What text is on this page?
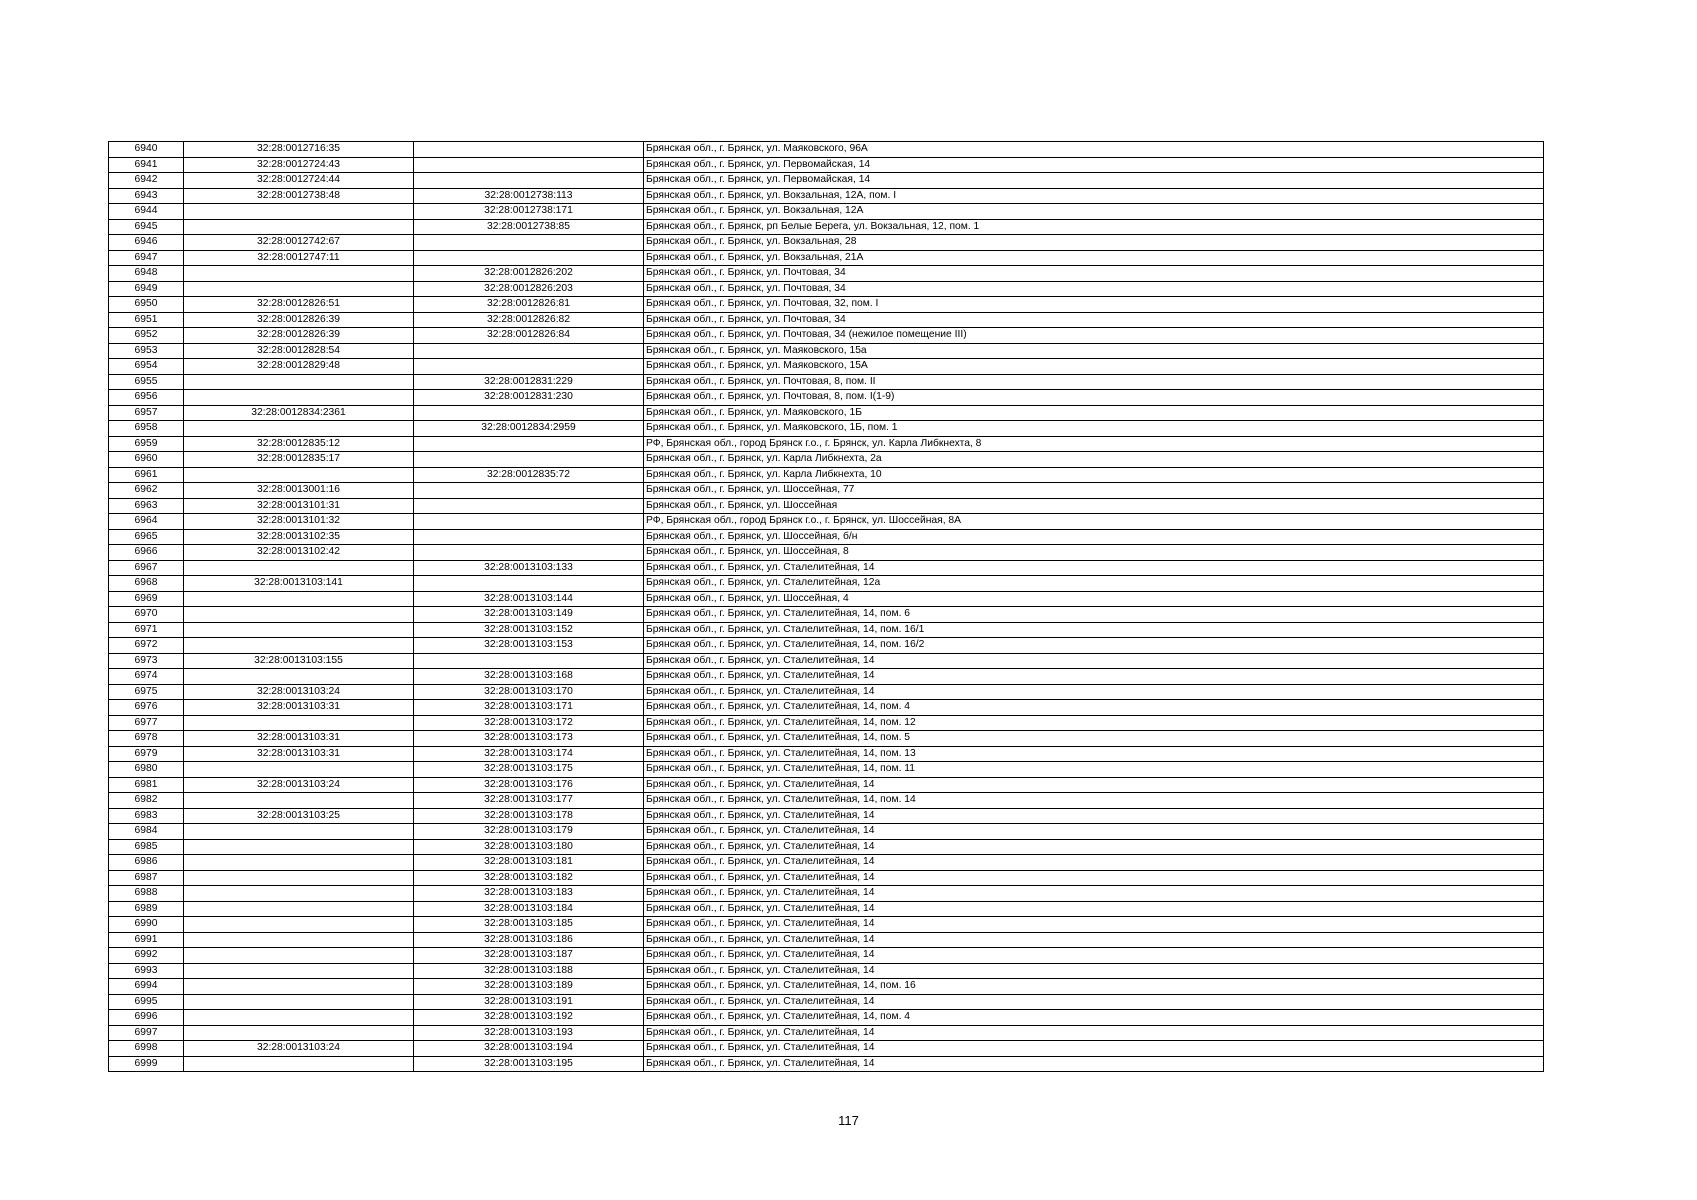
6940	32:28:0012716:35		Брянская обл., г. Брянск, ул. Маяковского, 96А
6941	32:28:0012724:43		Брянская обл., г. Брянск, ул. Первомайская, 14
6942	32:28:0012724:44		Брянская обл., г. Брянск, ул. Первомайская, 14
6943	32:28:0012738:48	32:28:0012738:113	Брянская обл., г. Брянск, ул. Вокзальная, 12А, пом. I
6944		32:28:0012738:171	Брянская обл., г. Брянск, ул. Вокзальная, 12А
6945		32:28:0012738:85	Брянская обл., г. Брянск, рп Белые Берега, ул. Вокзальная, 12, пом. 1
6946	32:28:0012742:67		Брянская обл., г. Брянск, ул. Вокзальная, 28
6947	32:28:0012747:11		Брянская обл., г. Брянск, ул. Вокзальная, 21А
6948		32:28:0012826:202	Брянская обл., г. Брянск, ул. Почтовая, 34
6949		32:28:0012826:203	Брянская обл., г. Брянск, ул. Почтовая, 34
6950	32:28:0012826:51	32:28:0012826:81	Брянская обл., г. Брянск, ул. Почтовая, 32, пом. I
6951	32:28:0012826:39	32:28:0012826:82	Брянская обл., г. Брянск, ул. Почтовая, 34
6952	32:28:0012826:39	32:28:0012826:84	Брянская обл., г. Брянск, ул. Почтовая, 34 (нежилое помещение III)
6953	32:28:0012828:54		Брянская обл., г. Брянск, ул. Маяковского, 15а
6954	32:28:0012829:48		Брянская обл., г. Брянск, ул. Маяковского, 15А
6955		32:28:0012831:229	Брянская обл., г. Брянск, ул. Почтовая, 8, пом. II
6956		32:28:0012831:230	Брянская обл., г. Брянск, ул. Почтовая, 8, пом. I(1-9)
6957	32:28:0012834:2361		Брянская обл., г. Брянск, ул. Маяковского, 1Б
6958		32:28:0012834:2959	Брянская обл., г. Брянск, ул. Маяковского, 1Б, пом. 1
6959	32:28:0012835:12		РФ, Брянская обл., город Брянск г.о., г. Брянск, ул. Карла Либкнехта, 8
6960	32:28:0012835:17		Брянская обл., г. Брянск, ул. Карла Либкнехта, 2а
6961		32:28:0012835:72	Брянская обл., г. Брянск, ул. Карла Либкнехта, 10
6962	32:28:0013001:16		Брянская обл., г. Брянск, ул. Шоссейная, 77
6963	32:28:0013101:31		Брянская обл., г. Брянск, ул. Шоссейная
6964	32:28:0013101:32		РФ, Брянская обл., город Брянск г.о., г. Брянск, ул. Шоссейная, 8А
6965	32:28:0013102:35		Брянская обл., г. Брянск, ул. Шоссейная, б/н
6966	32:28:0013102:42		Брянская обл., г. Брянск, ул. Шоссейная, 8
6967		32:28:0013103:133	Брянская обл., г. Брянск, ул. Сталелитейная, 14
6968	32:28:0013103:141		Брянская обл., г. Брянск, ул. Сталелитейная, 12а
6969		32:28:0013103:144	Брянская обл., г. Брянск, ул. Шоссейная, 4
6970		32:28:0013103:149	Брянская обл., г. Брянск, ул. Сталелитейная, 14, пом. 6
6971		32:28:0013103:152	Брянская обл., г. Брянск, ул. Сталелитейная, 14, пом. 16/1
6972		32:28:0013103:153	Брянская обл., г. Брянск, ул. Сталелитейная, 14, пом. 16/2
6973	32:28:0013103:155		Брянская обл., г. Брянск, ул. Сталелитейная, 14
6974		32:28:0013103:168	Брянская обл., г. Брянск, ул. Сталелитейная, 14
6975	32:28:0013103:24	32:28:0013103:170	Брянская обл., г. Брянск, ул. Сталелитейная, 14
6976	32:28:0013103:31	32:28:0013103:171	Брянская обл., г. Брянск, ул. Сталелитейная, 14, пом. 4
6977		32:28:0013103:172	Брянская обл., г. Брянск, ул. Сталелитейная, 14, пом. 12
6978	32:28:0013103:31	32:28:0013103:173	Брянская обл., г. Брянск, ул. Сталелитейная, 14, пом. 5
6979	32:28:0013103:31	32:28:0013103:174	Брянская обл., г. Брянск, ул. Сталелитейная, 14, пом. 13
6980		32:28:0013103:175	Брянская обл., г. Брянск, ул. Сталелитейная, 14, пом. 11
6981	32:28:0013103:24	32:28:0013103:176	Брянская обл., г. Брянск, ул. Сталелитейная, 14
6982		32:28:0013103:177	Брянская обл., г. Брянск, ул. Сталелитейная, 14, пом. 14
6983	32:28:0013103:25	32:28:0013103:178	Брянская обл., г. Брянск, ул. Сталелитейная, 14
6984		32:28:0013103:179	Брянская обл., г. Брянск, ул. Сталелитейная, 14
6985		32:28:0013103:180	Брянская обл., г. Брянск, ул. Сталелитейная, 14
6986		32:28:0013103:181	Брянская обл., г. Брянск, ул. Сталелитейная, 14
6987		32:28:0013103:182	Брянская обл., г. Брянск, ул. Сталелитейная, 14
6988		32:28:0013103:183	Брянская обл., г. Брянск, ул. Сталелитейная, 14
6989		32:28:0013103:184	Брянская обл., г. Брянск, ул. Сталелитейная, 14
6990		32:28:0013103:185	Брянская обл., г. Брянск, ул. Сталелитейная, 14
6991		32:28:0013103:186	Брянская обл., г. Брянск, ул. Сталелитейная, 14
6992		32:28:0013103:187	Брянская обл., г. Брянск, ул. Сталелитейная, 14
6993		32:28:0013103:188	Брянская обл., г. Брянск, ул. Сталелитейная, 14
6994		32:28:0013103:189	Брянская обл., г. Брянск, ул. Сталелитейная, 14, пом. 16
6995		32:28:0013103:191	Брянская обл., г. Брянск, ул. Сталелитейная, 14
6996		32:28:0013103:192	Брянская обл., г. Брянск, ул. Сталелитейная, 14, пом. 4
6997		32:28:0013103:193	Брянская обл., г. Брянск, ул. Сталелитейная, 14
6998	32:28:0013103:24	32:28:0013103:194	Брянская обл., г. Брянск, ул. Сталелитейная, 14
6999		32:28:0013103:195	Брянская обл., г. Брянск, ул. Сталелитейная, 14
117
